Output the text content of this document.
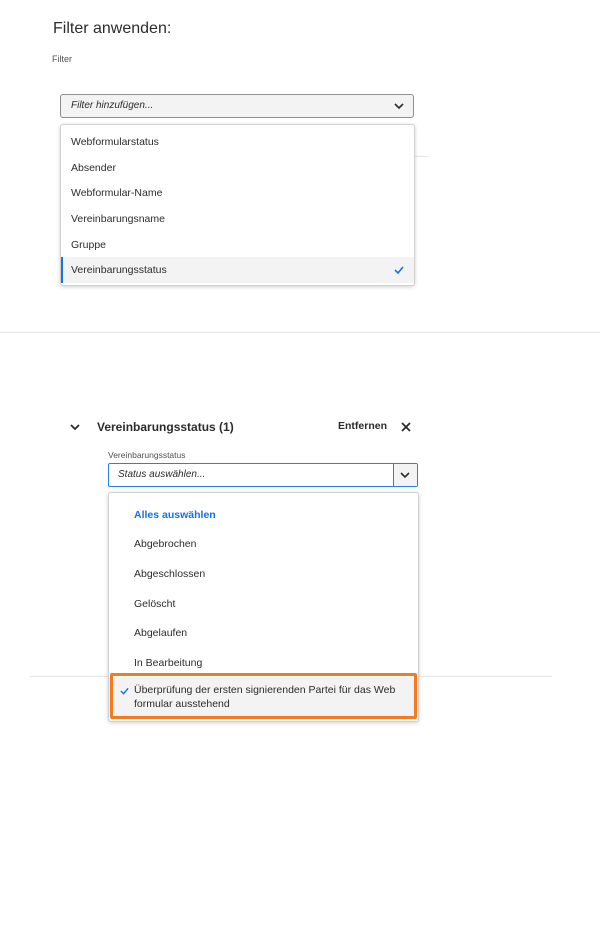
Filter anwenden:
Filter
Filter hinzufügen...
Webformularstatus
Absender
Webformular-Name
Vereinbarungsname
Gruppe
Vereinbarungsstatus
Vereinbarungsstatus (1)	Entfernen
Vereinbarungsstatus
Status auswählen...
Alles auswählen
Abgebrochen
Abgeschlossen
Gelöscht
Abgelaufen
In Bearbeitung
Überprüfung der ersten signierenden Partei für das Web formular ausstehend
